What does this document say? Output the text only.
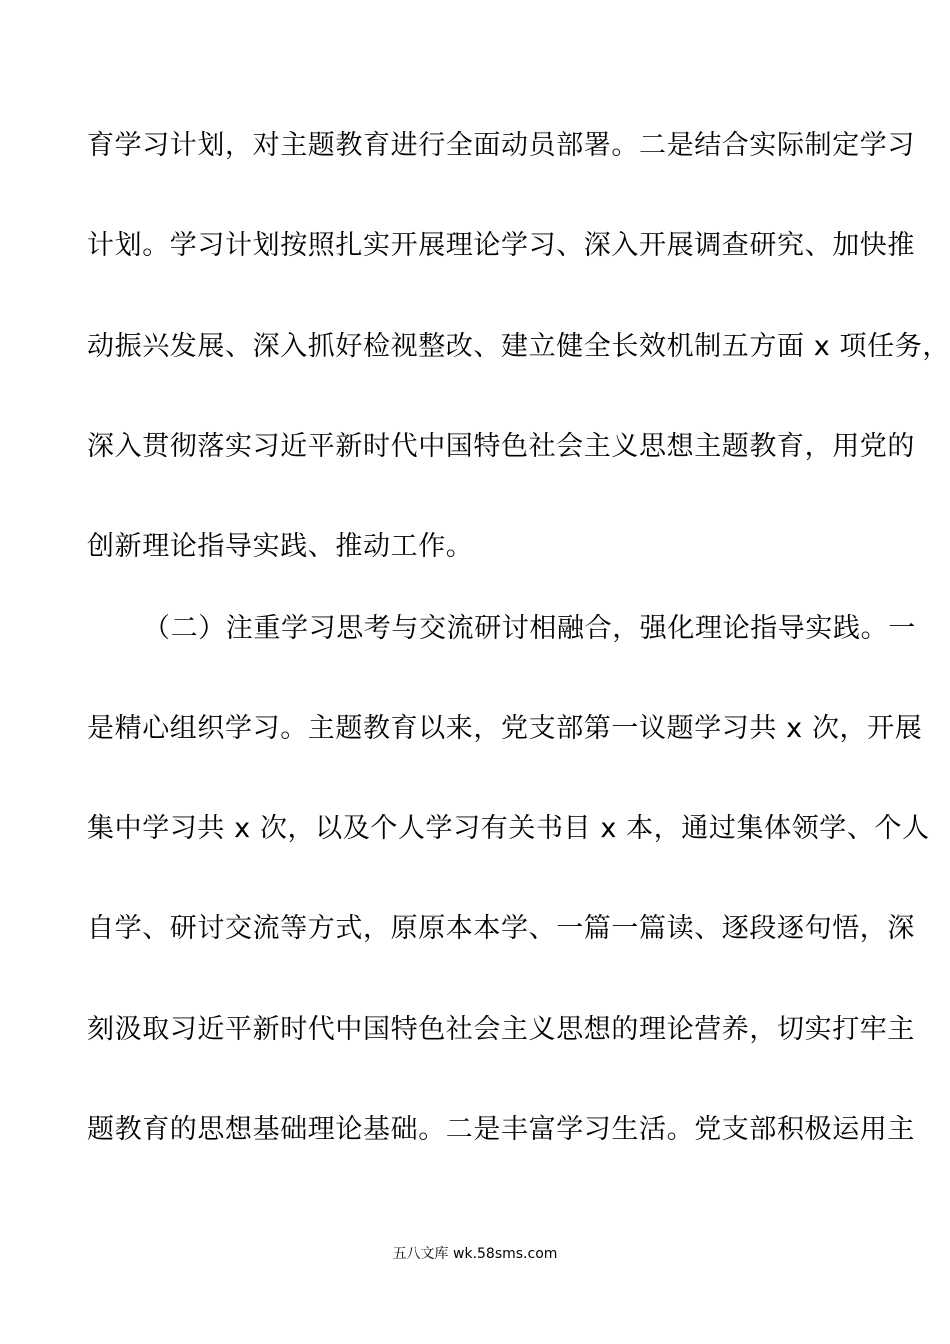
育学习计划，对主题教育进行全面动员部署。二是结合实际制定学习
计划。学习计划按照扎实开展理论学习、深入开展调查研究、加快推
动振兴发展、深入抓好检视整改、建立健全长效机制五方面 x 项任务，
深入贯彻落实习近平新时代中国特色社会主义思想主题教育，用党的
创新理论指导实践、推动工作。
（二）注重学习思考与交流研讨相融合，强化理论指导实践。一
是精心组织学习。主题教育以来，党支部第一议题学习共 x 次，开展
集中学习共 x 次，以及个人学习有关书目 x 本，通过集体领学、个人
自学、研讨交流等方式，原原本本学、一篇一篇读、逐段逐句悟，深
刻汲取习近平新时代中国特色社会主义思想的理论营养，切实打牢主
题教育的思想基础理论基础。二是丰富学习生活。党支部积极运用主
五八文库 wk.58sms.com
